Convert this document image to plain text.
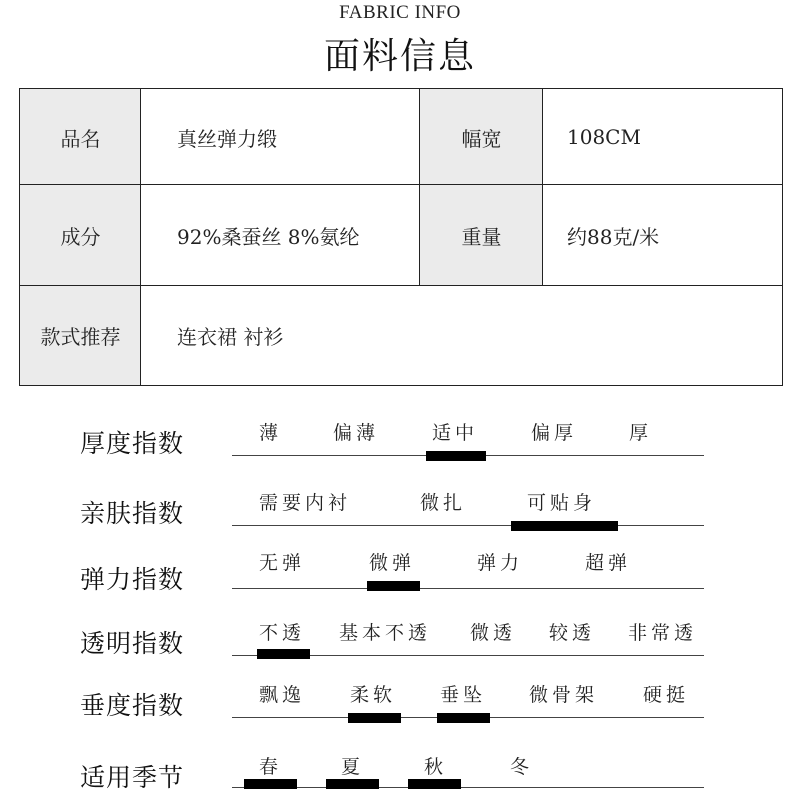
FABRIC INFO
面料信息
品名	真丝弹力缎	幅宽	108CM
成分	92%桑蚕丝 8%氨纶	重量	约88克/米
款式推荐	连衣裙 衬衫
厚度指数	薄	偏薄	适中	偏厚	厚
亲肤指数	需要内衬	微扎	可贴身
弹力指数
无弹	微弹	弹力	超弹
透明指数	不透 基本不透 微透 较透 非常透
垂度指数	飘逸 柔软 垂坠 微骨架 硬挺
适用季节	春	夏	秋	冬
